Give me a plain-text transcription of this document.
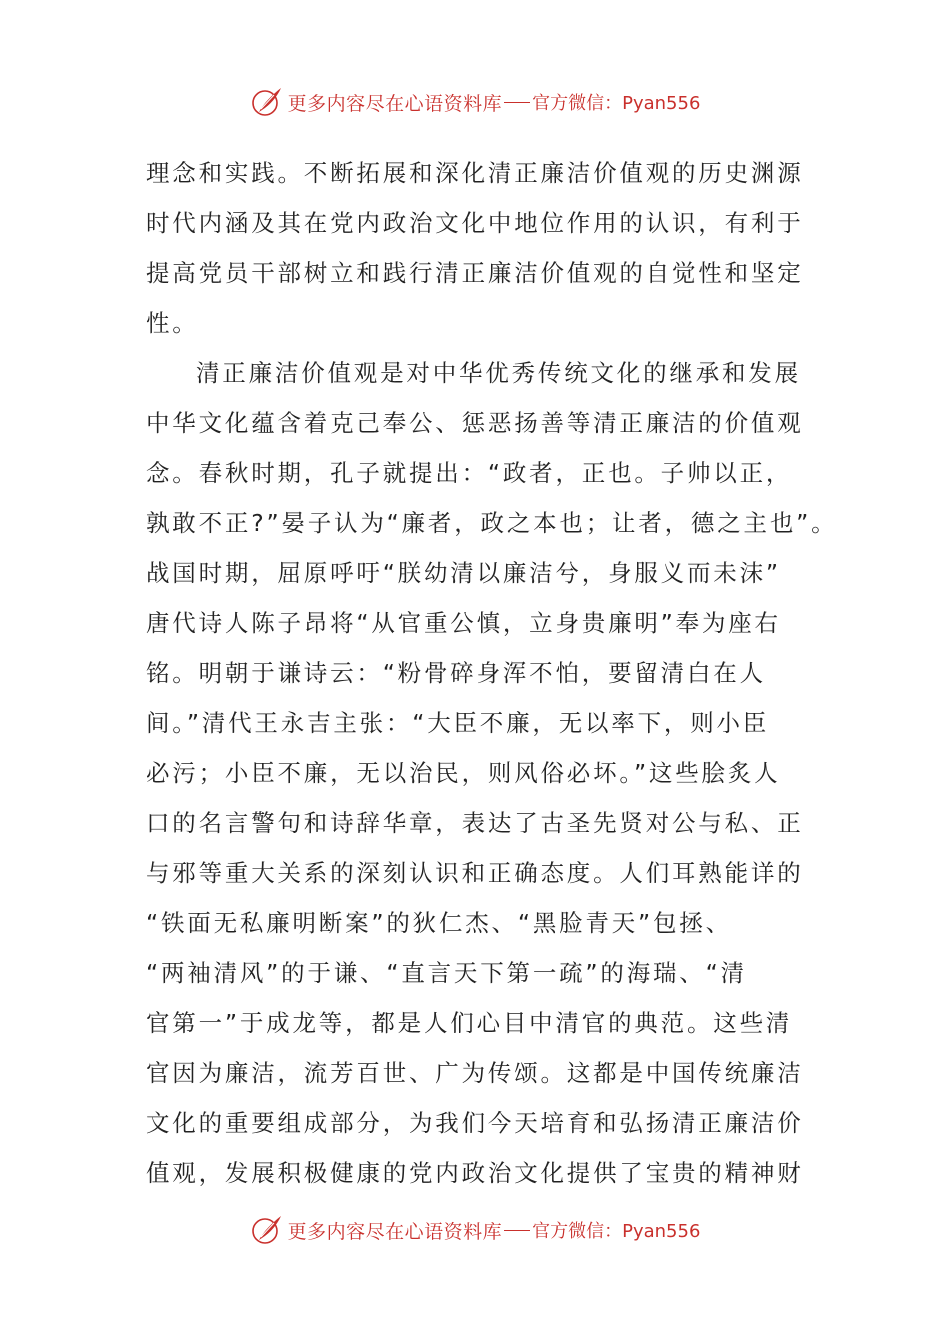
更多内容尽在心语资料库 官方微信：Pyan556
理念和实践。不断拓展和深化清正廉洁价值观的历史渊源
时代内涵及其在党内政治文化中地位作用的认识，有利于
提高党员干部树立和践行清正廉洁价值观的自觉性和坚定
性。
清正廉洁价值观是对中华优秀传统文化的继承和发展
中华文化蕴含着克己奉公、惩恶扬善等清正廉洁的价值观
念。春秋时期，孔子就提出：“政者，正也。子帅以正，
孰敢不正?”晏子认为“廉者，政之本也；让者，德之主也”。
战国时期，屈原呼吁“朕幼清以廉洁兮，身服义而未沫”
唐代诗人陈子昂将“从官重公慎，立身贵廉明”奉为座右
铭。明朝于谦诗云：“粉骨碎身浑不怕，要留清白在人
间。”清代王永吉主张：“大臣不廉，无以率下，则小臣
必污；小臣不廉，无以治民，则风俗必坏。”这些脍炙人
口的名言警句和诗辞华章，表达了古圣先贤对公与私、正
与邪等重大关系的深刻认识和正确态度。人们耳熟能详的
“铁面无私廉明断案”的狄仁杰、“黑脸青天”包拯、
“两袖清风”的于谦、“直言天下第一疏”的海瑞、“清
官第一”于成龙等，都是人们心目中清官的典范。这些清
官因为廉洁，流芳百世、广为传颂。这都是中国传统廉洁
文化的重要组成部分，为我们今天培育和弘扬清正廉洁价
值观，发展积极健康的党内政治文化提供了宝贵的精神财
更多内容尽在心语资料库 官方微信：Pyan556
